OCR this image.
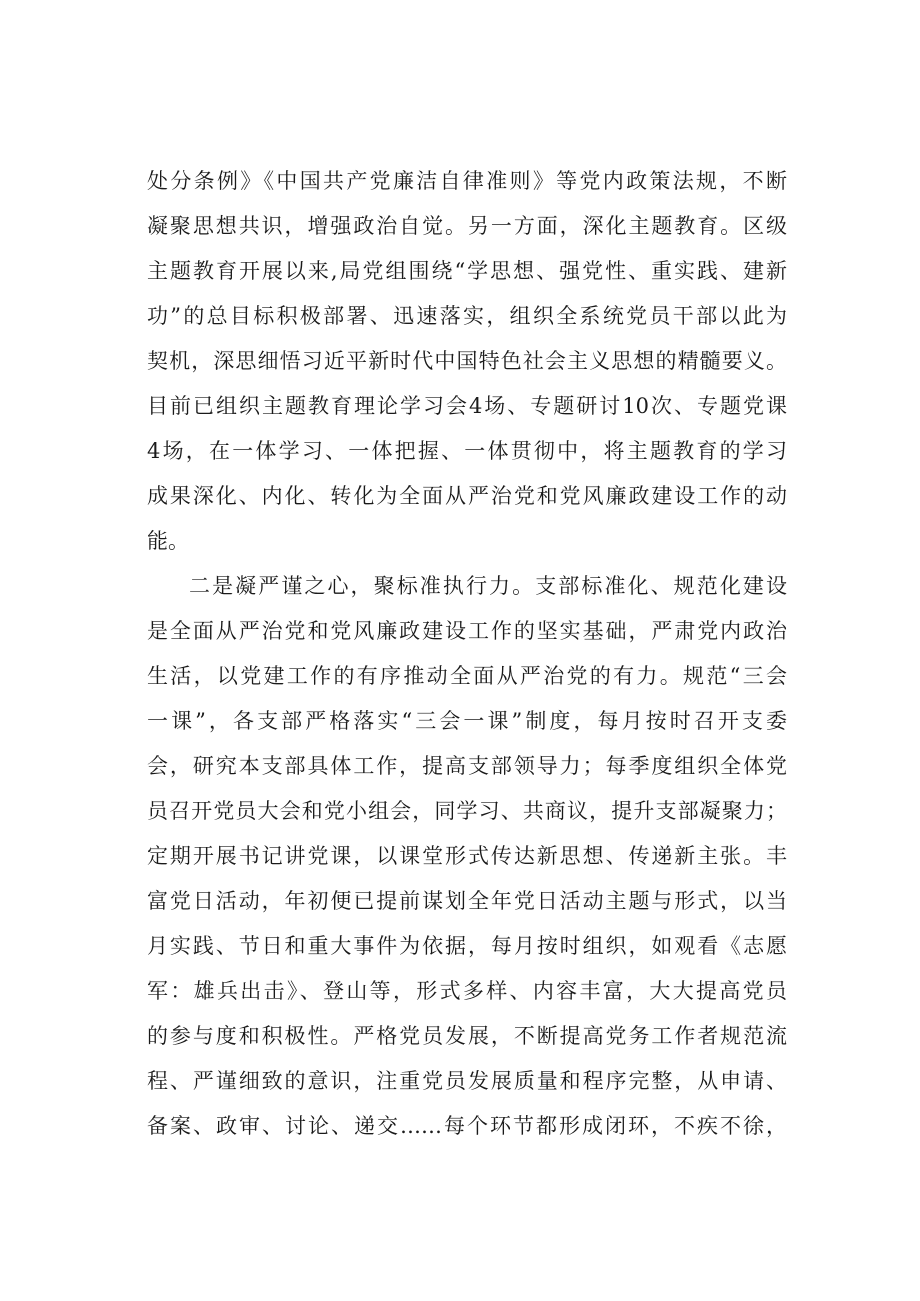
处分条例》《中国共产党廉洁自律准则》等党内政策法规，不断
凝聚思想共识，增强政治自觉。另一方面，深化主题教育。区级
主题教育开展以来,局党组围绕“学思想、强党性、重实践、建新
功”的总目标积极部署、迅速落实，组织全系统党员干部以此为
契机，深思细悟习近平新时代中国特色社会主义思想的精髓要义。
目前已组织主题教育理论学习会4场、专题研讨10次、专题党课
4场，在一体学习、一体把握、一体贯彻中，将主题教育的学习
成果深化、内化、转化为全面从严治党和党风廉政建设工作的动
能。
二是凝严谨之心，聚标准执行力。支部标准化、规范化建设
是全面从严治党和党风廉政建设工作的坚实基础，严肃党内政治
生活，以党建工作的有序推动全面从严治党的有力。规范“三会
一课”，各支部严格落实“三会一课”制度，每月按时召开支委
会，研究本支部具体工作，提高支部领导力；每季度组织全体党
员召开党员大会和党小组会，同学习、共商议，提升支部凝聚力；
定期开展书记讲党课，以课堂形式传达新思想、传递新主张。丰
富党日活动，年初便已提前谋划全年党日活动主题与形式，以当
月实践、节日和重大事件为依据，每月按时组织，如观看《志愿
军：雄兵出击》、登山等，形式多样、内容丰富，大大提高党员
的参与度和积极性。严格党员发展，不断提高党务工作者规范流
程、严谨细致的意识，注重党员发展质量和程序完整，从申请、
备案、政审、讨论、递交……每个环节都形成闭环，不疾不徐，
